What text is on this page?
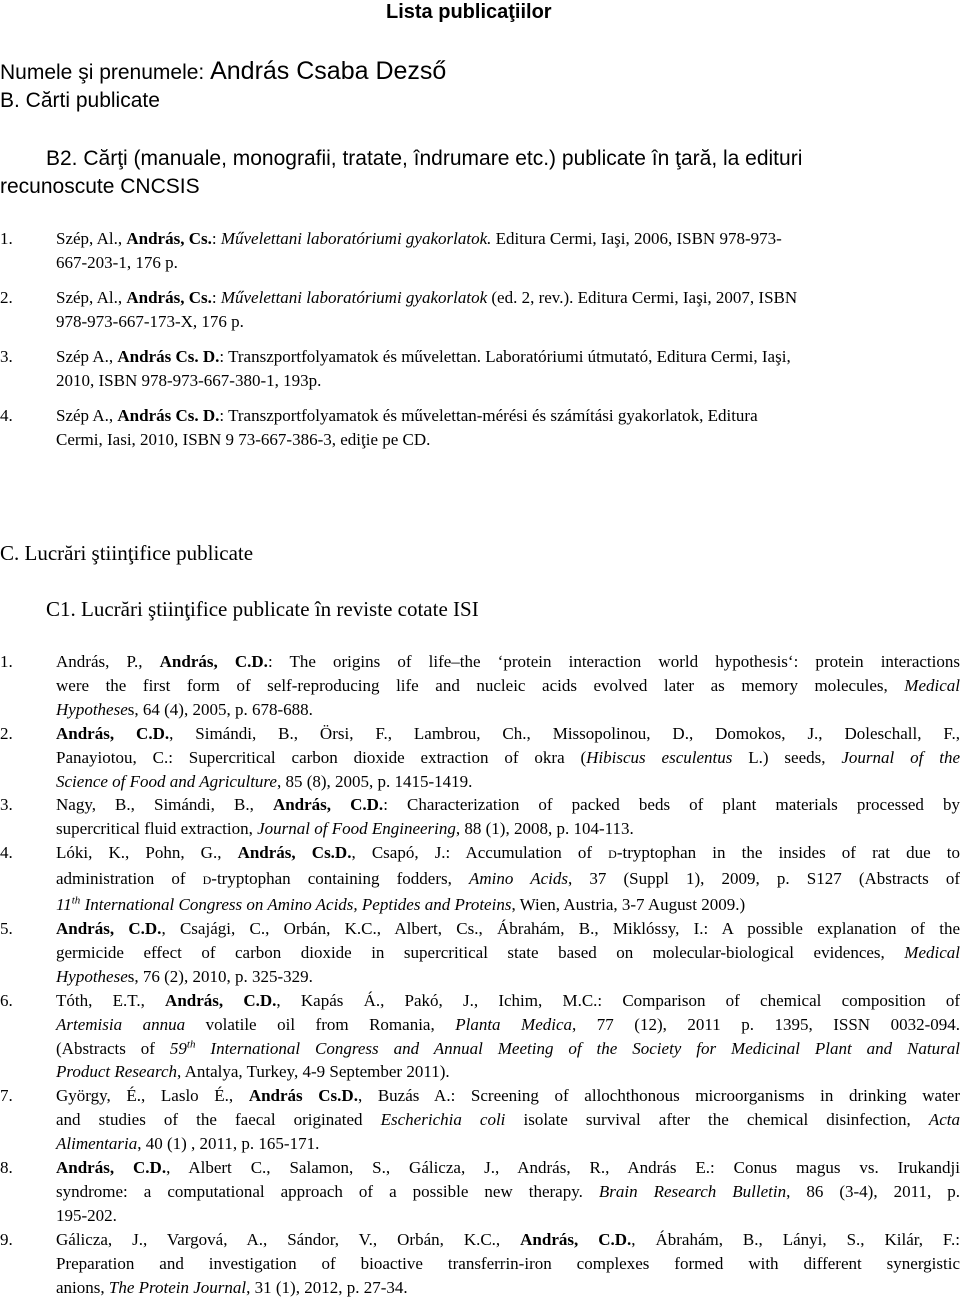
Lista publicaţiilor
Numele şi prenumele: András Csaba Dezső
B. Cărti publicate
B2. Cărţi (manuale, monografii, tratate, îndrumare etc.) publicate în ţară, la edituri
recunoscute CNCSIS
1.	Szép, Al., András, Cs.: Művelettani laboratóriumi gyakorlatok. Editura Cermi, Iaşi, 2006, ISBN 978-973-
667-203-1, 176 p.
2.	Szép, Al., András, Cs.: Művelettani laboratóriumi gyakorlatok (ed. 2, rev.). Editura Cermi, Iaşi, 2007, ISBN
978-973-667-173-X, 176 p.
3.	Szép A., András Cs. D.: Transzportfolyamatok és művelettan. Laboratóriumi útmutató, Editura Cermi, Iaşi,
2010, ISBN 978-973-667-380-1, 193p.
4.	Szép A., András Cs. D.: Transzportfolyamatok és művelettan-mérési és számítási gyakorlatok, Editura
Cermi, Iasi, 2010, ISBN 9 73-667-386-3, ediţie pe CD.
C. Lucrări ştiinţifice publicate
C1. Lucrări ştiinţifice publicate în reviste cotate ISI
1.	András, P., András, C.D.: The origins of life–the ‘protein interaction world hypothesis‘: protein interactions
were the first form of self-reproducing life and nucleic acids evolved later as memory molecules, Medical
Hypotheses, 64 (4), 2005, p. 678-688.
2.	András, C.D., Simándi, B., Örsi, F., Lambrou, Ch., Missopolinou, D., Domokos, J., Doleschall, F.,
Panayiotou, C.: Supercritical carbon dioxide extraction of okra (Hibiscus esculentus L.) seeds, Journal of the
Science of Food and Agriculture, 85 (8), 2005, p. 1415-1419.
3.	Nagy, B., Simándi, B., András, C.D.: Characterization of packed beds of plant materials processed by
supercritical fluid extraction, Journal of Food Engineering, 88 (1), 2008, p. 104-113.
4.	Lóki, K., Pohn, G., András, Cs.D., Csapó, J.: Accumulation of D-tryptophan in the insides of rat due to
administration of D-tryptophan containing fodders, Amino Acids, 37 (Suppl 1), 2009, p. S127 (Abstracts of
11th International Congress on Amino Acids, Peptides and Proteins, Wien, Austria, 3-7 August 2009.)
5.	András, C.D., Csajági, C., Orbán, K.C., Albert, Cs., Ábrahám, B., Miklóssy, I.: A possible explanation of the
germicide effect of carbon dioxide in supercritical state based on molecular-biological evidences, Medical
Hypotheses, 76 (2), 2010, p. 325-329.
6.	Tóth, E.T., András, C.D., Kapás Á., Pakó, J., Ichim, M.C.: Comparison of chemical composition of
Artemisia annua volatile oil from Romania, Planta Medica, 77 (12), 2011 p. 1395, ISSN 0032-094.
(Abstracts of 59th International Congress and Annual Meeting of the Society for Medicinal Plant and Natural
Product Research, Antalya, Turkey, 4-9 September 2011).
7.	György, É., Laslo É., András Cs.D., Buzás A.: Screening of allochthonous microorganisms in drinking water
and studies of the faecal originated Escherichia coli isolate survival after the chemical disinfection, Acta
Alimentaria, 40 (1) , 2011, p. 165-171.
8.	András, C.D., Albert C., Salamon, S., Gálicza, J., András, R., András E.: Conus magus vs. Irukandji
syndrome: a computational approach of a possible new therapy. Brain Research Bulletin, 86 (3-4), 2011, p.
195-202.
9.	Gálicza, J., Vargová, A., Sándor, V., Orbán, K.C., András, C.D., Ábrahám, B., Lányi, S., Kilár, F.:
Preparation and investigation of bioactive transferrin-iron complexes formed with different synergistic
anions, The Protein Journal, 31 (1), 2012, p. 27-34.
